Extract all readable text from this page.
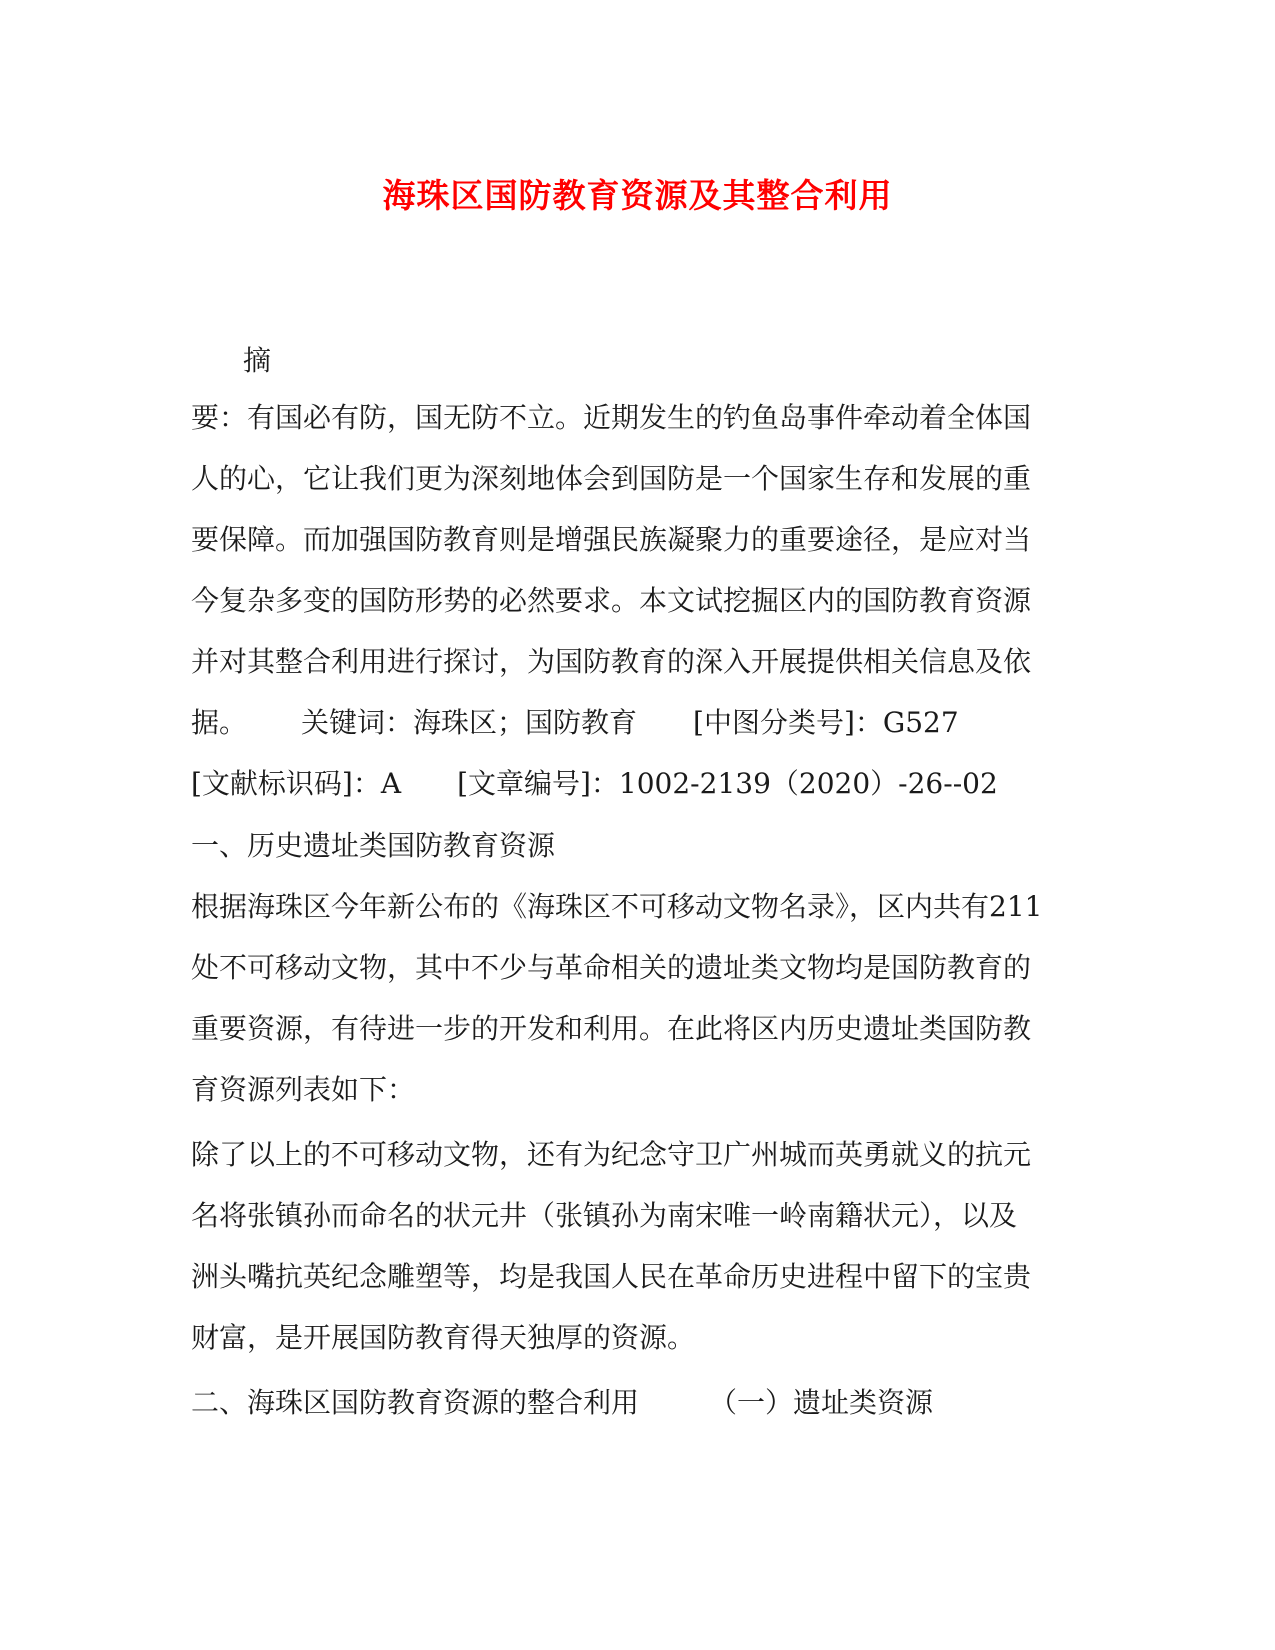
海珠区国防教育资源及其整合利用
摘
要：有国必有防，国无防不立。近期发生的钓鱼岛事件牵动着全体国
人的心，它让我们更为深刻地体会到国防是一个国家生存和发展的重
要保障。而加强国防教育则是增强民族凝聚力的重要途径，是应对当
今复杂多变的国防形势的必然要求。本文试挖掘区内的国防教育资源
并对其整合利用进行探讨，为国防教育的深入开展提供相关信息及依
据。 关键词：海珠区；国防教育 [中图分类号]：G527
[文献标识码]：A [文章编号]：1002-2139（2020）-26--02
一、历史遗址类国防教育资源
根据海珠区今年新公布的《海珠区不可移动文物名录》，区内共有211
处不可移动文物，其中不少与革命相关的遗址类文物均是国防教育的
重要资源，有待进一步的开发和利用。在此将区内历史遗址类国防教
育资源列表如下：
除了以上的不可移动文物，还有为纪念守卫广州城而英勇就义的抗元
名将张镇孙而命名的状元井（张镇孙为南宋唯一岭南籍状元），以及
洲头嘴抗英纪念雕塑等，均是我国人民在革命历史进程中留下的宝贵
财富，是开展国防教育得天独厚的资源。
二、海珠区国防教育资源的整合利用	（一）遗址类资源
